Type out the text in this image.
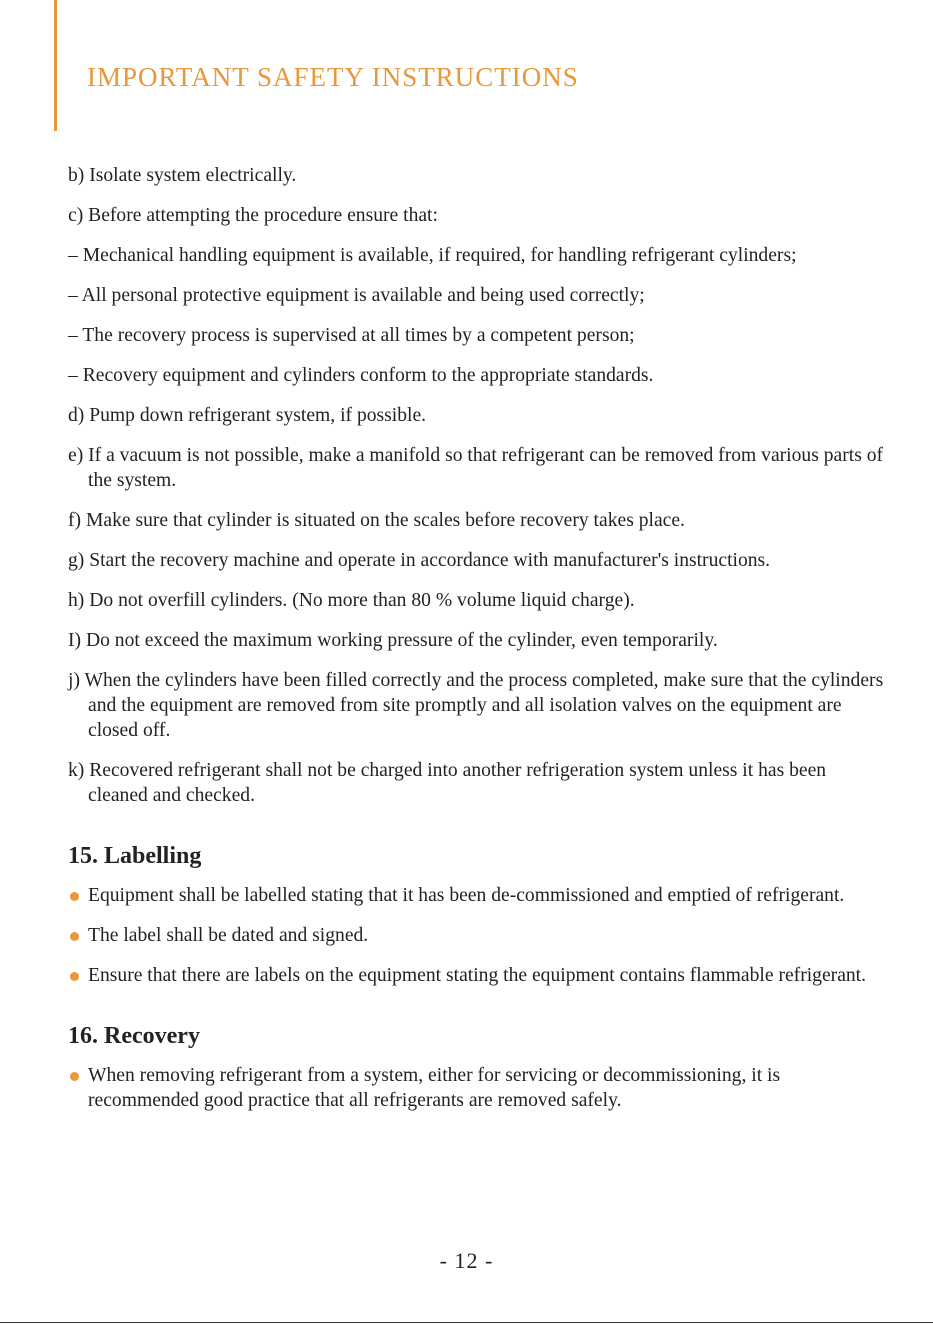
IMPORTANT SAFETY INSTRUCTIONS

b) Isolate system electrically.

c) Before attempting the procedure ensure that:

– Mechanical handling equipment is available, if required, for handling refrigerant cylinders;

– All personal protective equipment is available and being used correctly;

– The recovery process is supervised at all times by a competent person;

– Recovery equipment and cylinders conform to the appropriate standards.

d) Pump down refrigerant system, if possible.

e) If a vacuum is not possible, make a manifold so that refrigerant can be removed from various parts of the system.

f) Make sure that cylinder is situated on the scales before recovery takes place.

g) Start the recovery machine and operate in accordance with manufacturer's instructions.

h) Do not overfill cylinders. (No more than 80 % volume liquid charge).

I) Do not exceed the maximum working pressure of the cylinder, even temporarily.

j) When the cylinders have been filled correctly and the process completed, make sure that the cylinders and the equipment are removed from site promptly and all isolation valves on the equipment are closed off.

k) Recovered refrigerant shall not be charged into another refrigeration system unless it has been cleaned and checked.

15. Labelling
Equipment shall be labelled stating that it has been de-commissioned and emptied of refrigerant.
The label shall be dated and signed.
Ensure that there are labels on the equipment stating the equipment contains flammable refrigerant.
16. Recovery
When removing refrigerant from a system, either for servicing or decommissioning, it is recommended good practice that all refrigerants are removed safely.
- 12 -
